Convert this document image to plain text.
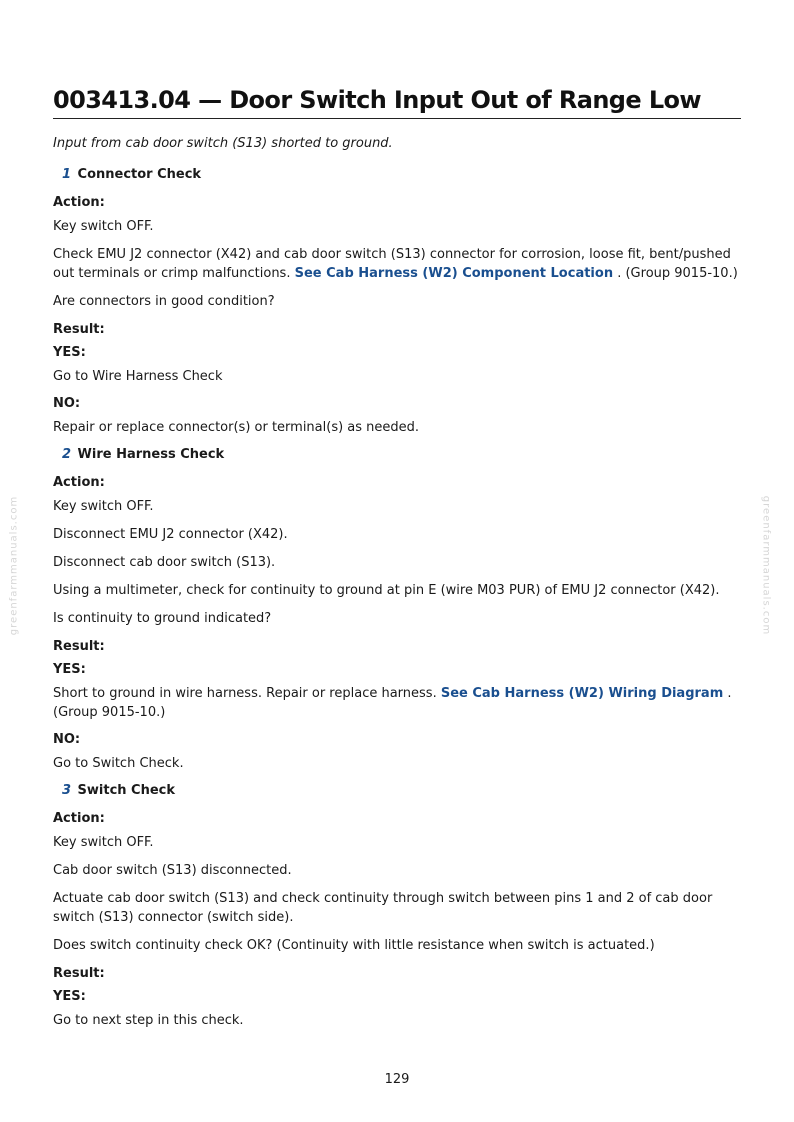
003413.04 — Door Switch Input Out of Range Low

Input from cab door switch (S13) shorted to ground.

1 Connector Check

Action:

Key switch OFF.

Check EMU J2 connector (X42) and cab door switch (S13) connector for corrosion, loose fit, bent/pushed out terminals or crimp malfunctions. See Cab Harness (W2) Component Location . (Group 9015-10.)

Are connectors in good condition?

Result:

YES:

Go to Wire Harness Check

NO:

Repair or replace connector(s) or terminal(s) as needed.

2 Wire Harness Check

Action:

Key switch OFF.

Disconnect EMU J2 connector (X42).

Disconnect cab door switch (S13).

Using a multimeter, check for continuity to ground at pin E (wire M03 PUR) of EMU J2 connector (X42).

Is continuity to ground indicated?

Result:

YES:

Short to ground in wire harness. Repair or replace harness. See Cab Harness (W2) Wiring Diagram . (Group 9015-10.)

NO:

Go to Switch Check.

3 Switch Check

Action:

Key switch OFF.

Cab door switch (S13) disconnected.

Actuate cab door switch (S13) and check continuity through switch between pins 1 and 2 of cab door switch (S13) connector (switch side).

Does switch continuity check OK? (Continuity with little resistance when switch is actuated.)

Result:

YES:

Go to next step in this check.

greenfarmmanuals.com	greenfarmmanuals.com
129
